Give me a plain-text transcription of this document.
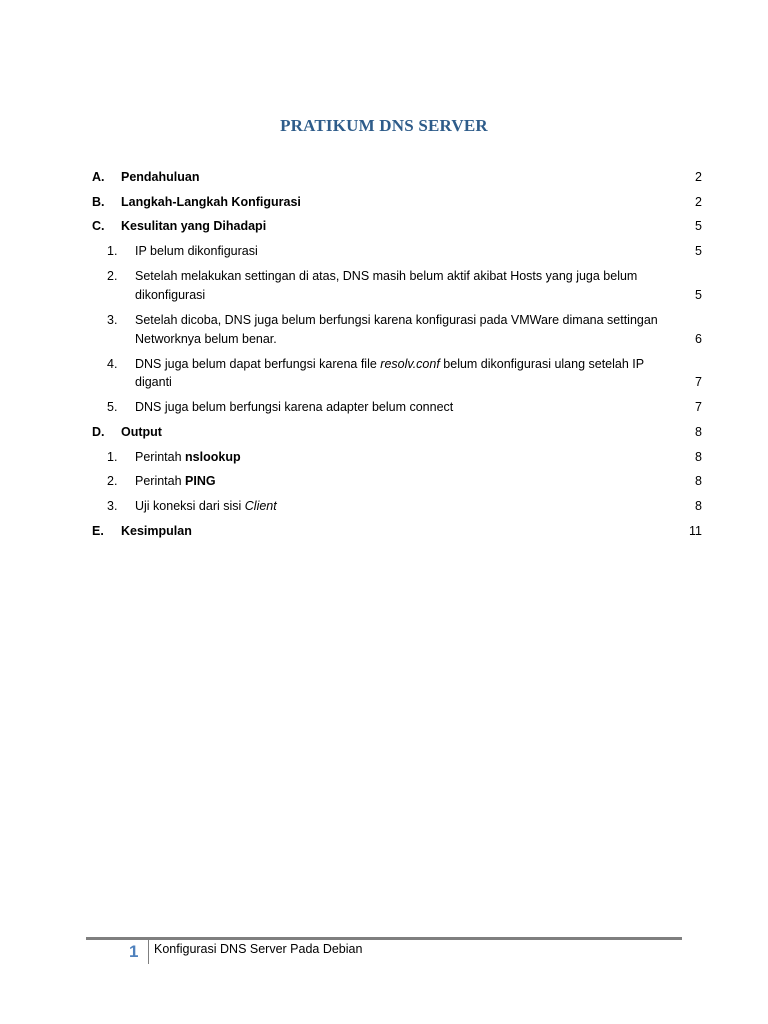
PRATIKUM DNS SERVER
A. Pendahuluan	2
B. Langkah-Langkah Konfigurasi	2
C. Kesulitan yang Dihadapi	5
1. IP belum dikonfigurasi	5
2. Setelah melakukan settingan di atas, DNS masih belum aktif akibat Hosts yang juga belum
dikonfigurasi	5
3. Setelah dicoba, DNS juga belum berfungsi karena konfigurasi pada VMWare dimana settingan
Networknya belum benar.	6
4. DNS juga belum dapat berfungsi karena file resolv.conf belum dikonfigurasi ulang setelah IP
diganti	7
5. DNS juga belum berfungsi karena adapter belum connect	7
D. Output	8
1. Perintah nslookup	8
2. Perintah PING	8
3. Uji koneksi dari sisi Client	8
E. Kesimpulan	11
1 Konfigurasi DNS Server Pada Debian
